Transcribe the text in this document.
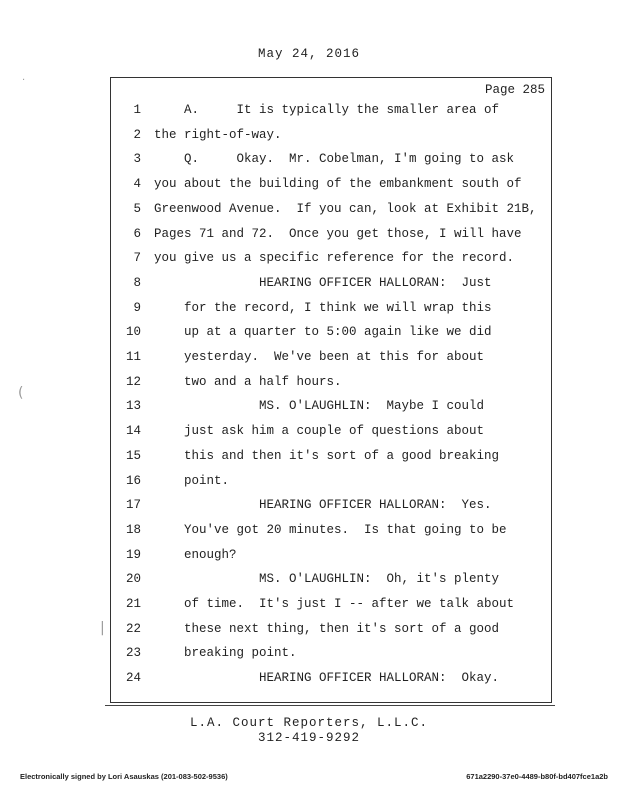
May 24, 2016
Page 285
1	A.     It is typically the smaller area of
2 the right-of-way.
3	Q.     Okay.  Mr. Cobelman, I'm going to ask
4 you about the building of the embankment south of
5 Greenwood Avenue.  If you can, look at Exhibit 21B,
6 Pages 71 and 72.  Once you get those, I will have
7 you give us a specific reference for the record.
8	HEARING OFFICER HALLORAN:  Just
9	for the record, I think we will wrap this
10	up at a quarter to 5:00 again like we did
11	yesterday.  We've been at this for about
12	two and a half hours.
13	MS. O'LAUGHLIN:  Maybe I could
14	just ask him a couple of questions about
15	this and then it's sort of a good breaking
16	point.
17	HEARING OFFICER HALLORAN:  Yes.
18	You've got 20 minutes.  Is that going to be
19	enough?
20	MS. O'LAUGHLIN:  Oh, it's plenty
21	of time.  It's just I -- after we talk about
22	these next thing, then it's sort of a good
23	breaking point.
24	HEARING OFFICER HALLORAN:  Okay.
L.A. Court Reporters, L.L.C.
312-419-9292
Electronically signed by Lori Asauskas (201-083-502-9536)	671a2290-37e0-4489-b80f-bd407fce1a2b
·
(
|
